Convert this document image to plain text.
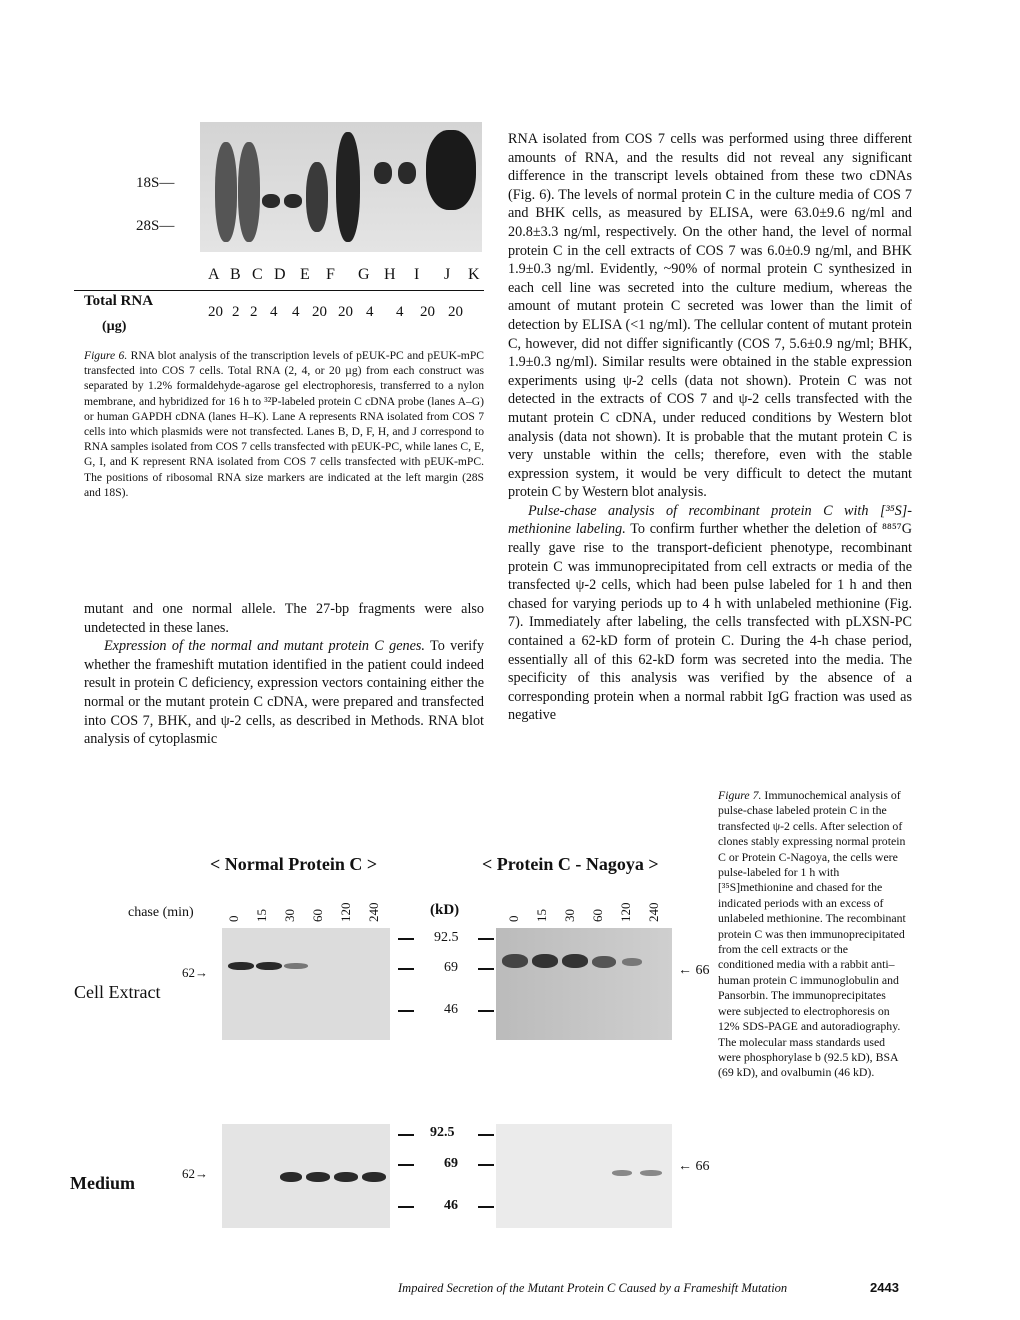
18S—
28S—
A B C D E F G H I J K
Total RNA
(µg)
20 2 2 4 4 20 20 4 4 20 20
Figure 6. RNA blot analysis of the transcription levels of pEUK-PC and pEUK-mPC transfected into COS 7 cells. Total RNA (2, 4, or 20 µg) from each construct was separated by 1.2% formaldehyde-agarose gel electrophoresis, transferred to a nylon membrane, and hybridized for 16 h to ³²P-labeled protein C cDNA probe (lanes A–G) or human GAPDH cDNA (lanes H–K). Lane A represents RNA isolated from COS 7 cells into which plasmids were not transfected. Lanes B, D, F, H, and J correspond to RNA samples isolated from COS 7 cells transfected with pEUK-PC, while lanes C, E, G, I, and K represent RNA isolated from COS 7 cells transfected with pEUK-mPC. The positions of ribosomal RNA size markers are indicated at the left margin (28S and 18S).

mutant and one normal allele. The 27-bp fragments were also undetected in these lanes.

Expression of the normal and mutant protein C genes. To verify whether the frameshift mutation identified in the patient could indeed result in protein C deficiency, expression vectors containing either the normal or the mutant protein C cDNA, were prepared and transfected into COS 7, BHK, and ψ-2 cells, as described in Methods. RNA blot analysis of cytoplasmic

RNA isolated from COS 7 cells was performed using three different amounts of RNA, and the results did not reveal any significant difference in the transcript levels obtained from these two cDNAs (Fig. 6). The levels of normal protein C in the culture media of COS 7 and BHK cells, as measured by ELISA, were 63.0±9.6 ng/ml and 20.8±3.3 ng/ml, respectively. On the other hand, the level of normal protein C in the cell extracts of COS 7 was 6.0±0.9 ng/ml, and BHK 1.9±0.3 ng/ml. Evidently, ~90% of normal protein C synthesized in each cell line was secreted into the culture medium, whereas the amount of mutant protein C secreted was lower than the limit of detection by ELISA (<1 ng/ml). The cellular content of mutant protein C, however, did not differ significantly (COS 7, 5.6±0.9 ng/ml; BHK, 1.9±0.3 ng/ml). Similar results were obtained in the stable expression experiments using ψ-2 cells (data not shown). Protein C was not detected in the extracts of COS 7 and ψ-2 cells transfected with the mutant protein C cDNA, under reduced conditions by Western blot analysis (data not shown). It is probable that the mutant protein C is very unstable within the cells; therefore, even with the stable expression system, it would be very difficult to detect the mutant protein C by Western blot analysis.

Pulse-chase analysis of recombinant protein C with [³⁵S]-methionine labeling. To confirm further whether the deletion of ⁸⁸⁵⁷G really gave rise to the transport-deficient phenotype, recombinant protein C was immunoprecipitated from cell extracts or media of the transfected ψ-2 cells, which had been pulse labeled for 1 h and then chased for varying periods up to 4 h with unlabeled methionine (Fig. 7). Immediately after labeling, the cells transfected with pLXSN-PC contained a 62-kD form of protein C. During the 4-h chase period, essentially all of this 62-kD form was secreted into the media. The specificity of this analysis was verified by the absence of a corresponding protein when a normal rabbit IgG fraction was used as negative

< Normal Protein C >	< Protein C - Nagoya >
chase (min) 0 15 30 60 120 240	0 15 30 60 120 240
(kD)
92.5
69
46
92.5
69
46
62→
Cell Extract
← 66
62→
Medium
← 66
Figure 7. Immunochemical analysis of pulse-chase labeled protein C in the transfected ψ-2 cells. After selection of clones stably expressing normal protein C or Protein C-Nagoya, the cells were pulse-labeled for 1 h with [³⁵S]methionine and chased for the indicated periods with an excess of unlabeled methionine. The recombinant protein C was then immunoprecipitated from the cell extracts or the conditioned media with a rabbit anti–human protein C immunoglobulin and Pansorbin. The immunoprecipitates were subjected to electrophoresis on 12% SDS-PAGE and autoradiography. The molecular mass standards used were phosphorylase b (92.5 kD), BSA (69 kD), and ovalbumin (46 kD).
Impaired Secretion of the Mutant Protein C Caused by a Frameshift Mutation	2443
